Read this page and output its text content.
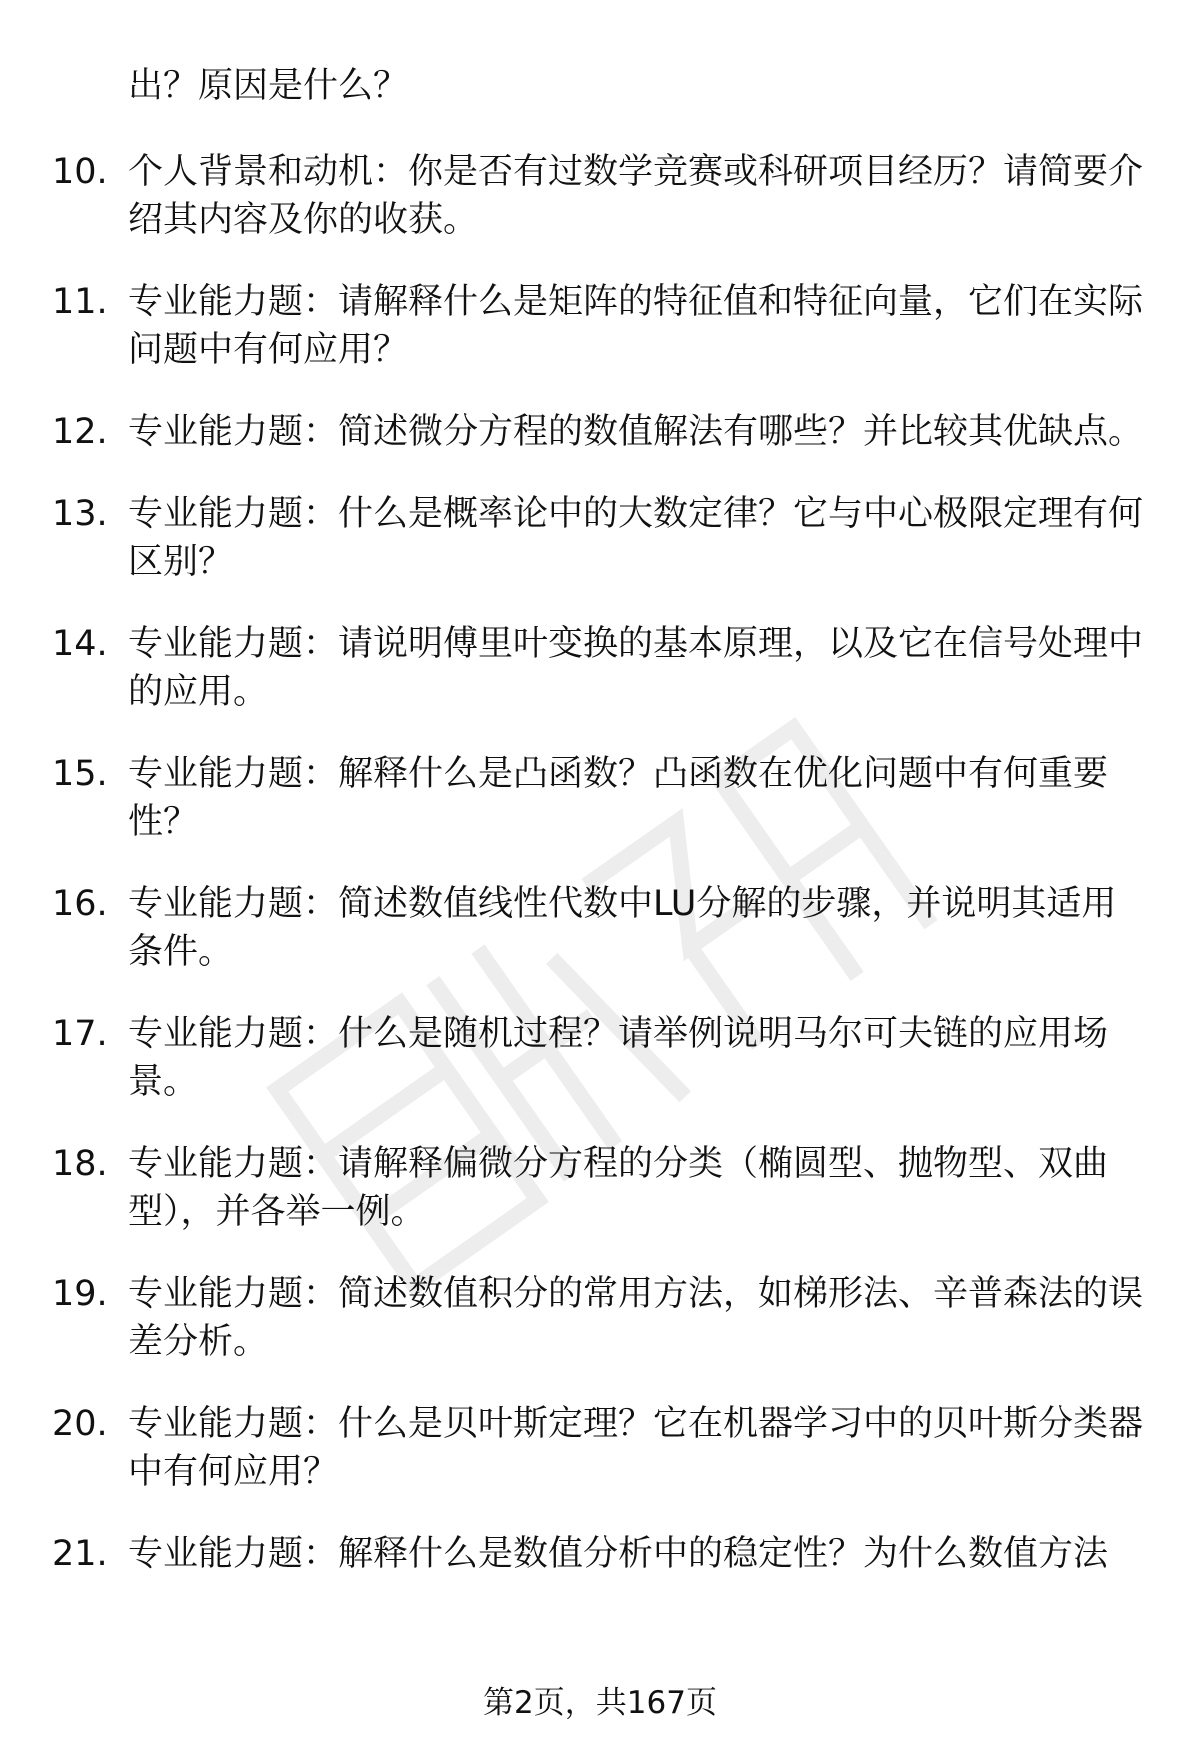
出？原因是什么？
10. 个人背景和动机：你是否有过数学竞赛或科研项目经历？请简要介绍其内容及你的收获。
11. 专业能力题：请解释什么是矩阵的特征值和特征向量，它们在实际问题中有何应用？
12. 专业能力题：简述微分方程的数值解法有哪些？并比较其优缺点。
13. 专业能力题：什么是概率论中的大数定律？它与中心极限定理有何区别？
14. 专业能力题：请说明傅里叶变换的基本原理，以及它在信号处理中的应用。
15. 专业能力题：解释什么是凸函数？凸函数在优化问题中有何重要性？
16. 专业能力题：简述数值线性代数中LU分解的步骤，并说明其适用条件。
17. 专业能力题：什么是随机过程？请举例说明马尔可夫链的应用场景。
18. 专业能力题：请解释偏微分方程的分类（椭圆型、抛物型、双曲型），并各举一例。
19. 专业能力题：简述数值积分的常用方法，如梯形法、辛普森法的误差分析。
20. 专业能力题：什么是贝叶斯定理？它在机器学习中的贝叶斯分类器中有何应用？
21. 专业能力题：解释什么是数值分析中的稳定性？为什么数值方法
第2页，共167页
